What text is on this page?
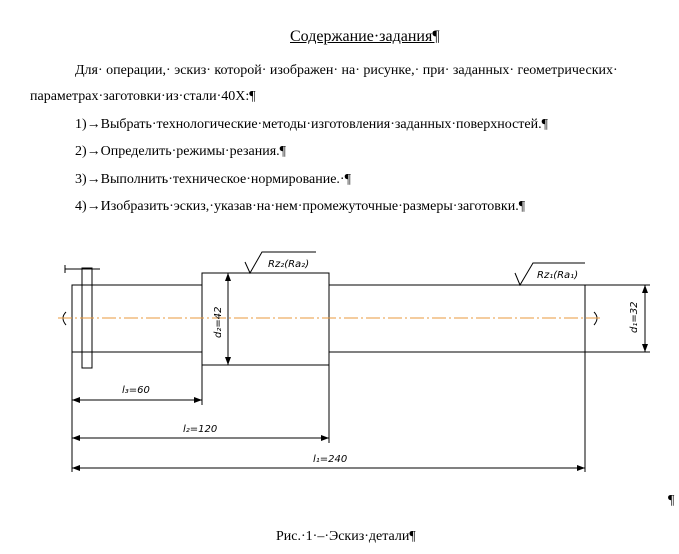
Содержание·задания¶
Для· операции,· эскиз· которой· изображен· на· рисунке,· при· заданных· геометрических·
параметрах·заготовки·из·стали·40Х:¶
1)→Выбрать·технологические·методы·изготовления·заданных·поверхностей.¶
2)→Определить·режимы·резания.¶
3)→Выполнить·техническое·нормирование.·¶
4)→Изобразить·эскиз,·указав·на·нем·промежуточные·размеры·заготовки.¶
Rz₂(Ra₂)
Rz₁(Ra₁)
d₂=42	d₁=32
l₃=60
l₂=120
l₁=240
¶
Рис.·1·–·Эскиз·детали¶
